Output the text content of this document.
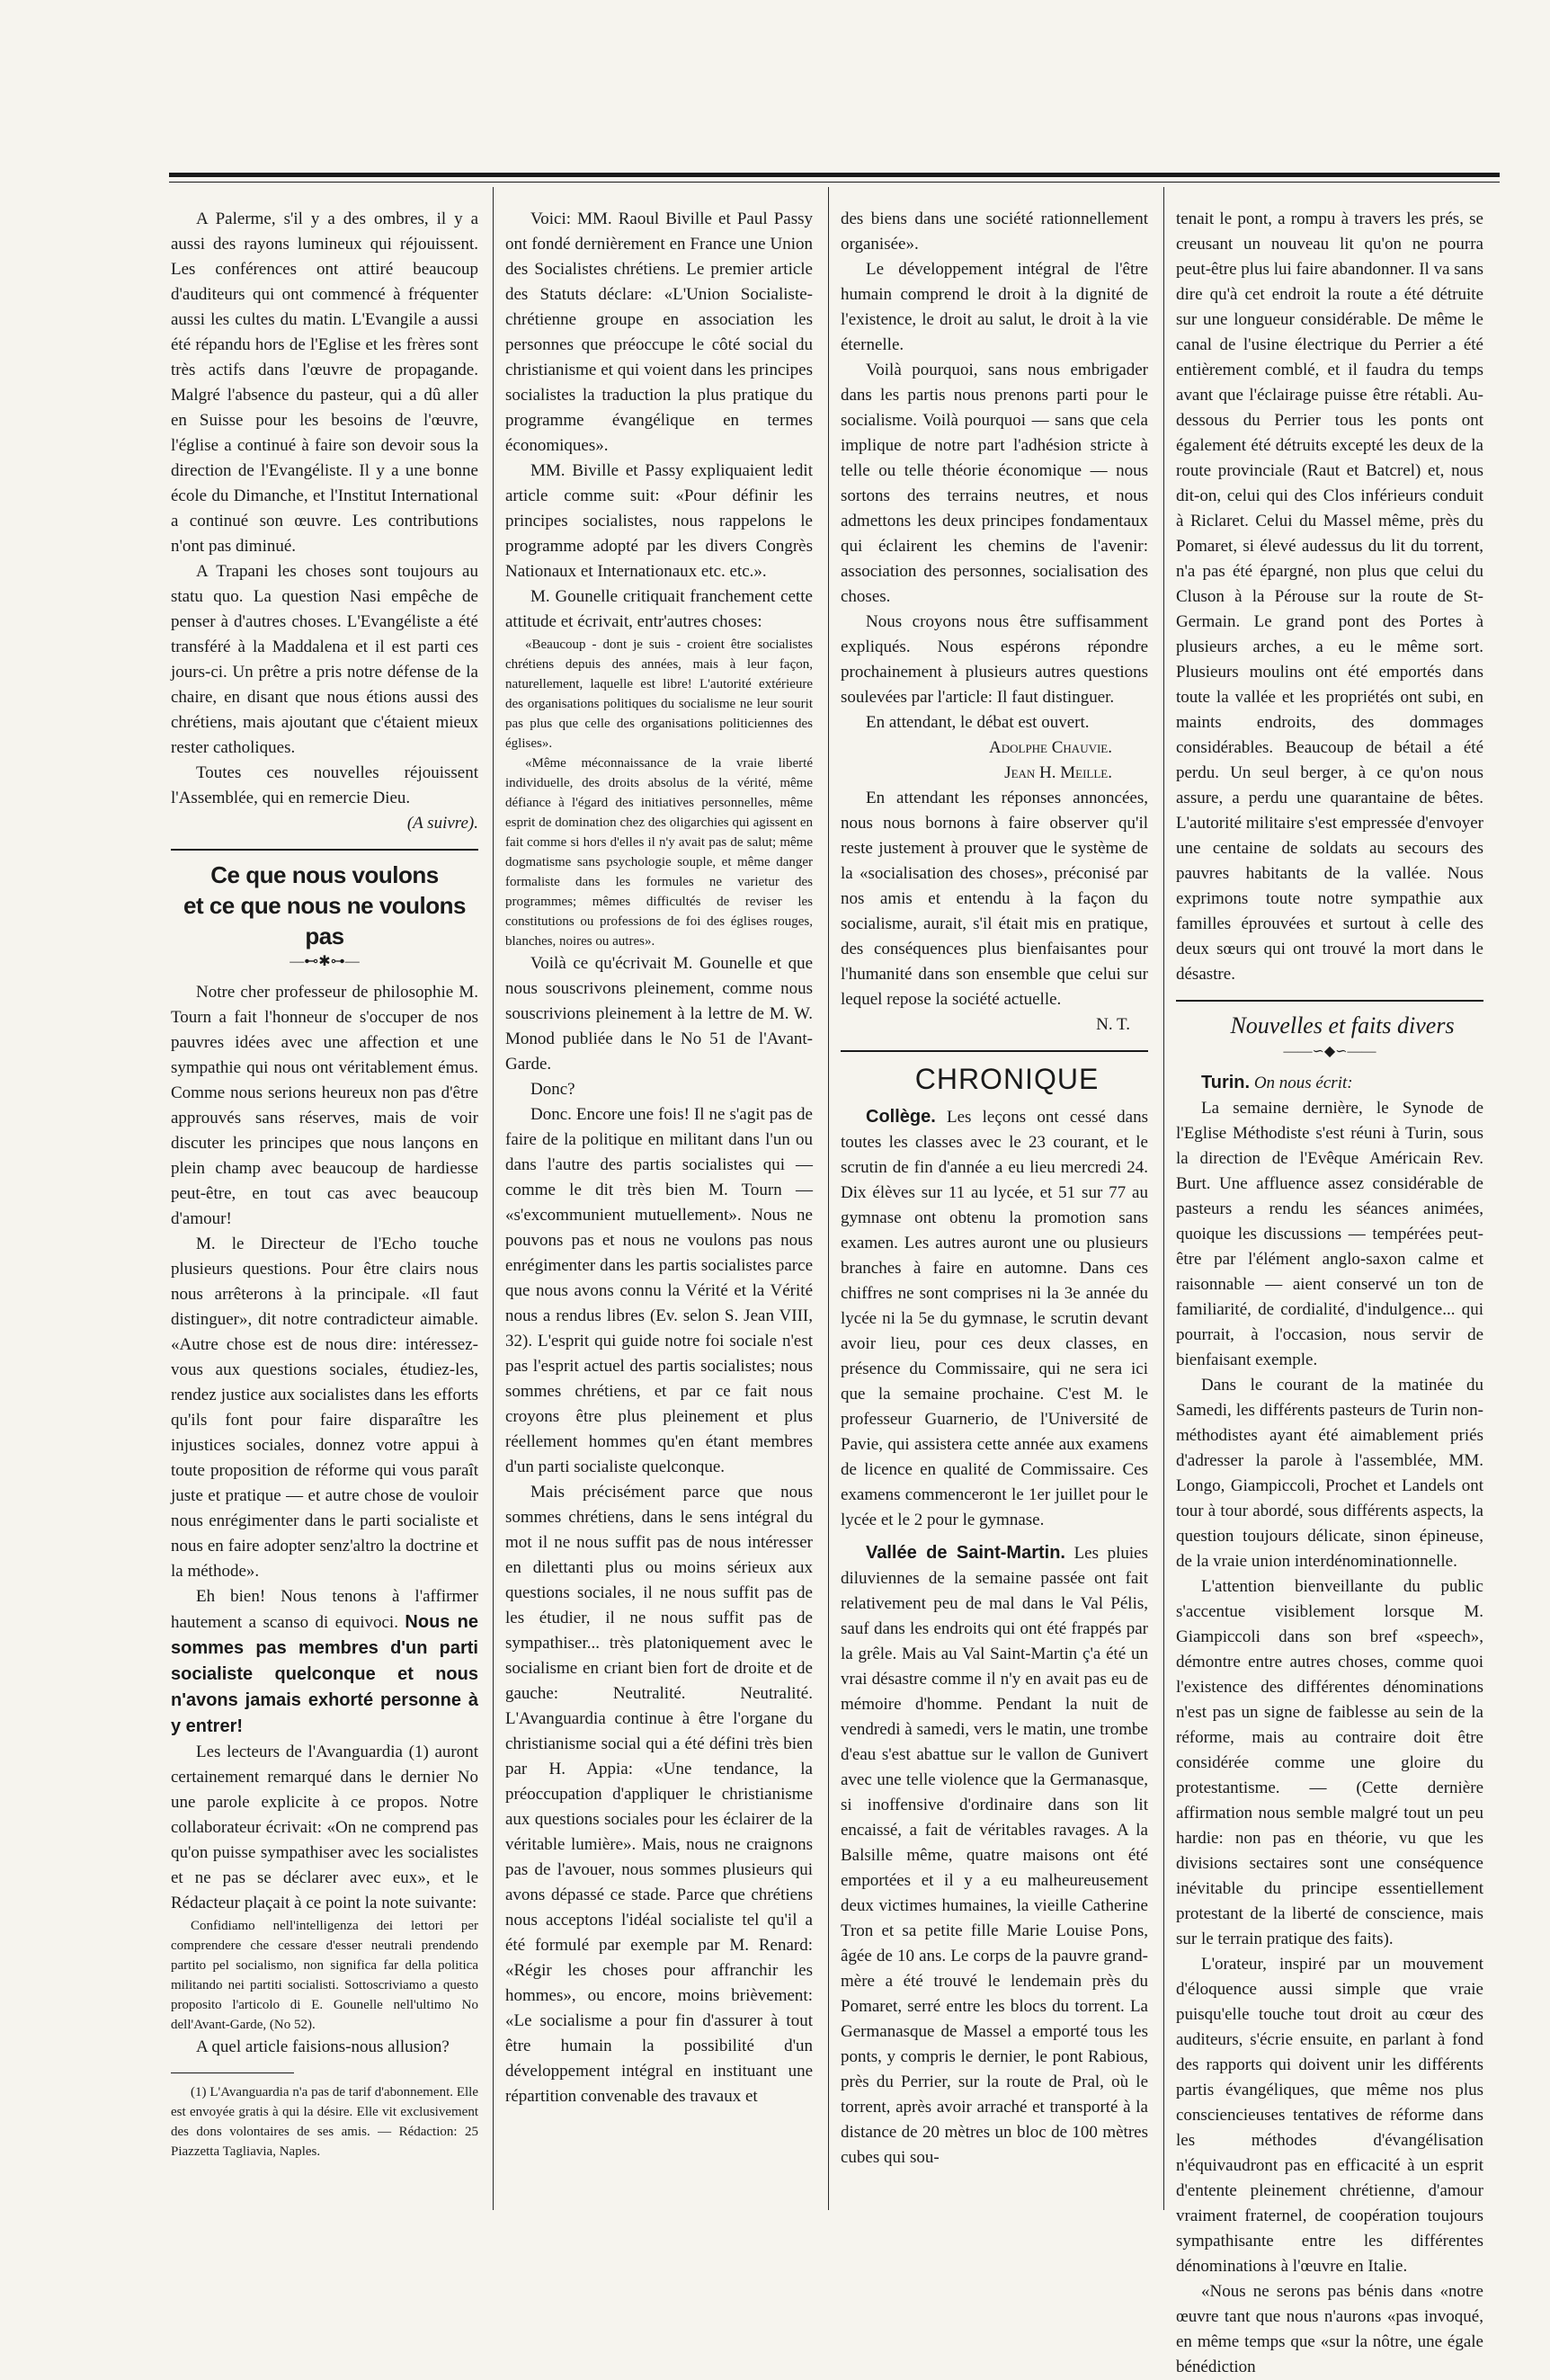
A Palerme, s'il y a des ombres, il y a aussi des rayons lumineux qui réjouissent. Les conférences ont attiré beaucoup d'auditeurs qui ont commencé à fréquenter aussi les cultes du matin. L'Evangile a aussi été répandu hors de l'Eglise et les frères sont très actifs dans l'œuvre de propagande. Malgré l'absence du pasteur, qui a dû aller en Suisse pour les besoins de l'œuvre, l'église a continué à faire son devoir sous la direction de l'Evangéliste. Il y a une bonne école du Dimanche, et l'Institut International a continué son œuvre. Les contributions n'ont pas diminué.

A Trapani les choses sont toujours au statu quo. La question Nasi empêche de penser à d'autres choses. L'Evangéliste a été transféré à la Maddalena et il est parti ces jours-ci. Un prêtre a pris notre défense de la chaire, en disant que nous étions aussi des chrétiens, mais ajoutant que c'étaient mieux rester catholiques.

Toutes ces nouvelles réjouissent l'Assemblée, qui en remercie Dieu.

(A suivre).

Ce que nous voulons

et ce que nous ne voulons pas

—⊷✱⊶—

Notre cher professeur de philosophie M. Tourn a fait l'honneur de s'occuper de nos pauvres idées avec une affection et une sympathie qui nous ont véritablement émus. Comme nous serions heureux non pas d'être approuvés sans réserves, mais de voir discuter les principes que nous lançons en plein champ avec beaucoup de hardiesse peut-être, en tout cas avec beaucoup d'amour!

M. le Directeur de l'Echo touche plusieurs questions. Pour être clairs nous nous arrêterons à la principale. «Il faut distinguer», dit notre contradicteur aimable. «Autre chose est de nous dire: intéressez-vous aux questions sociales, étudiez-les, rendez justice aux socialistes dans les efforts qu'ils font pour faire disparaître les injustices sociales, donnez votre appui à toute proposition de réforme qui vous paraît juste et pratique — et autre chose de vouloir nous enrégimenter dans le parti socialiste et nous en faire adopter senz'altro la doctrine et la méthode».

Eh bien! Nous tenons à l'affirmer hautement a scanso di equivoci. Nous ne sommes pas membres d'un parti socialiste quelconque et nous n'avons jamais exhorté personne à y entrer!

Les lecteurs de l'Avanguardia (1) auront certainement remarqué dans le dernier No une parole explicite à ce propos. Notre collaborateur écrivait: «On ne comprend pas qu'on puisse sympathiser avec les socialistes et ne pas se déclarer avec eux», et le Rédacteur plaçait à ce point la note suivante:

Confidiamo nell'intelligenza dei lettori per comprendere che cessare d'esser neutrali prendendo partito pel socialismo, non significa far della politica militando nei partiti socialisti. Sottoscriviamo a questo proposito l'articolo di E. Gounelle nell'ultimo No dell'Avant-Garde, (No 52).

A quel article faisions-nous allusion?

(1) L'Avanguardia n'a pas de tarif d'abonnement. Elle est envoyée gratis à qui la désire. Elle vit exclusivement des dons volontaires de ses amis. — Rédaction: 25 Piazzetta Tagliavia, Naples.

Voici: MM. Raoul Biville et Paul Passy ont fondé dernièrement en France une Union des Socialistes chrétiens. Le premier article des Statuts déclare: «L'Union Socialiste-chrétienne groupe en association les personnes que préoccupe le côté social du christianisme et qui voient dans les principes socialistes la traduction la plus pratique du programme évangélique en termes économiques».

MM. Biville et Passy expliquaient ledit article comme suit: «Pour définir les principes socialistes, nous rappelons le programme adopté par les divers Congrès Nationaux et Internationaux etc. etc.».

M. Gounelle critiquait franchement cette attitude et écrivait, entr'autres choses:

«Beaucoup - dont je suis - croient être socialistes chrétiens depuis des années, mais à leur façon, naturellement, laquelle est libre! L'autorité extérieure des organisations politiques du socialisme ne leur sourit pas plus que celle des organisations politiciennes des églises».

«Même méconnaissance de la vraie liberté individuelle, des droits absolus de la vérité, même défiance à l'égard des initiatives personnelles, même esprit de domination chez des oligarchies qui agissent en fait comme si hors d'elles il n'y avait pas de salut; même dogmatisme sans psychologie souple, et même danger formaliste dans les formules ne varietur des programmes; mêmes difficultés de reviser les constitutions ou professions de foi des églises rouges, blanches, noires ou autres».

Voilà ce qu'écrivait M. Gounelle et que nous souscrivons pleinement, comme nous souscrivions pleinement à la lettre de M. W. Monod publiée dans le No 51 de l'Avant-Garde.

Donc?

Donc. Encore une fois! Il ne s'agit pas de faire de la politique en militant dans l'un ou dans l'autre des partis socialistes qui — comme le dit très bien M. Tourn — «s'excommunient mutuellement». Nous ne pouvons pas et nous ne voulons pas nous enrégimenter dans les partis socialistes parce que nous avons connu la Vérité et la Vérité nous a rendus libres (Ev. selon S. Jean VIII, 32). L'esprit qui guide notre foi sociale n'est pas l'esprit actuel des partis socialistes; nous sommes chrétiens, et par ce fait nous croyons être plus pleinement et plus réellement hommes qu'en étant membres d'un parti socialiste quelconque.

Mais précisément parce que nous sommes chrétiens, dans le sens intégral du mot il ne nous suffit pas de nous intéresser en dilettanti plus ou moins sérieux aux questions sociales, il ne nous suffit pas de les étudier, il ne nous suffit pas de sympathiser... très platoniquement avec le socialisme en criant bien fort de droite et de gauche: Neutralité. Neutralité. L'Avanguardia continue à être l'organe du christianisme social qui a été défini très bien par H. Appia: «Une tendance, la préoccupation d'appliquer le christianisme aux questions sociales pour les éclairer de la véritable lumière». Mais, nous ne craignons pas de l'avouer, nous sommes plusieurs qui avons dépassé ce stade. Parce que chrétiens nous acceptons l'idéal socialiste tel qu'il a été formulé par exemple par M. Renard: «Régir les choses pour affranchir les hommes», ou encore, moins brièvement: «Le socialisme a pour fin d'assurer à tout être humain la possibilité d'un développement intégral en instituant une répartition convenable des travaux et

des biens dans une société rationnellement organisée».

Le développement intégral de l'être humain comprend le droit à la dignité de l'existence, le droit au salut, le droit à la vie éternelle.

Voilà pourquoi, sans nous embrigader dans les partis nous prenons parti pour le socialisme. Voilà pourquoi — sans que cela implique de notre part l'adhésion stricte à telle ou telle théorie économique — nous sortons des terrains neutres, et nous admettons les deux principes fondamentaux qui éclairent les chemins de l'avenir: association des personnes, socialisation des choses.

Nous croyons nous être suffisamment expliqués. Nous espérons répondre prochainement à plusieurs autres questions soulevées par l'article: Il faut distinguer.

En attendant, le débat est ouvert.

Adolphe Chauvie.

Jean H. Meille.

En attendant les réponses annoncées, nous nous bornons à faire observer qu'il reste justement à prouver que le système de la «socialisation des choses», préconisé par nos amis et entendu à la façon du socialisme, aurait, s'il était mis en pratique, des conséquences plus bienfaisantes pour l'humanité dans son ensemble que celui sur lequel repose la société actuelle.

N. T.

CHRONIQUE

Collège. Les leçons ont cessé dans toutes les classes avec le 23 courant, et le scrutin de fin d'année a eu lieu mercredi 24. Dix élèves sur 11 au lycée, et 51 sur 77 au gymnase ont obtenu la promotion sans examen. Les autres auront une ou plusieurs branches à faire en automne. Dans ces chiffres ne sont comprises ni la 3e année du lycée ni la 5e du gymnase, le scrutin devant avoir lieu, pour ces deux classes, en présence du Commissaire, qui ne sera ici que la semaine prochaine. C'est M. le professeur Guarnerio, de l'Université de Pavie, qui assistera cette année aux examens de licence en qualité de Commissaire. Ces examens commenceront le 1er juillet pour le lycée et le 2 pour le gymnase.

Vallée de Saint-Martin. Les pluies diluviennes de la semaine passée ont fait relativement peu de mal dans le Val Pélis, sauf dans les endroits qui ont été frappés par la grêle. Mais au Val Saint-Martin ç'a été un vrai désastre comme il n'y en avait pas eu de mémoire d'homme. Pendant la nuit de vendredi à samedi, vers le matin, une trombe d'eau s'est abattue sur le vallon de Gunivert avec une telle violence que la Germanasque, si inoffensive d'ordinaire dans son lit encaissé, a fait de véritables ravages. A la Balsille même, quatre maisons ont été emportées et il y a eu malheureusement deux victimes humaines, la vieille Catherine Tron et sa petite fille Marie Louise Pons, âgée de 10 ans. Le corps de la pauvre grand-mère a été trouvé le lendemain près du Pomaret, serré entre les blocs du torrent. La Germanasque de Massel a emporté tous les ponts, y compris le dernier, le pont Rabious, près du Perrier, sur la route de Pral, où le torrent, après avoir arraché et transporté à la distance de 20 mètres un bloc de 100 mètres cubes qui sou-

tenait le pont, a rompu à travers les prés, se creusant un nouveau lit qu'on ne pourra peut-être plus lui faire abandonner. Il va sans dire qu'à cet endroit la route a été détruite sur une longueur considérable. De même le canal de l'usine électrique du Perrier a été entièrement comblé, et il faudra du temps avant que l'éclairage puisse être rétabli. Au-dessous du Perrier tous les ponts ont également été détruits excepté les deux de la route provinciale (Raut et Batcrel) et, nous dit-on, celui qui des Clos inférieurs conduit à Riclaret. Celui du Massel même, près du Pomaret, si élevé audessus du lit du torrent, n'a pas été épargné, non plus que celui du Cluson à la Pérouse sur la route de St-Germain. Le grand pont des Portes à plusieurs arches, a eu le même sort. Plusieurs moulins ont été emportés dans toute la vallée et les propriétés ont subi, en maints endroits, des dommages considérables. Beaucoup de bétail a été perdu. Un seul berger, à ce qu'on nous assure, a perdu une quarantaine de bêtes. L'autorité militaire s'est empressée d'envoyer une centaine de soldats au secours des pauvres habitants de la vallée. Nous exprimons toute notre sympathie aux familles éprouvées et surtout à celle des deux sœurs qui ont trouvé la mort dans le désastre.

Nouvelles et faits divers

——∽◆∽——

Turin. On nous écrit:

La semaine dernière, le Synode de l'Eglise Méthodiste s'est réuni à Turin, sous la direction de l'Evêque Américain Rev. Burt. Une affluence assez considérable de pasteurs a rendu les séances animées, quoique les discussions — tempérées peut-être par l'élément anglo-saxon calme et raisonnable — aient conservé un ton de familiarité, de cordialité, d'indulgence... qui pourrait, à l'occasion, nous servir de bienfaisant exemple.

Dans le courant de la matinée du Samedi, les différents pasteurs de Turin non-méthodistes ayant été aimablement priés d'adresser la parole à l'assemblée, MM. Longo, Giampiccoli, Prochet et Landels ont tour à tour abordé, sous différents aspects, la question toujours délicate, sinon épineuse, de la vraie union interdénominationnelle.

L'attention bienveillante du public s'accentue visiblement lorsque M. Giampiccoli dans son bref «speech», démontre entre autres choses, comme quoi l'existence des différentes dénominations n'est pas un signe de faiblesse au sein de la réforme, mais au contraire doit être considérée comme une gloire du protestantisme. — (Cette dernière affirmation nous semble malgré tout un peu hardie: non pas en théorie, vu que les divisions sectaires sont une conséquence inévitable du principe essentiellement protestant de la liberté de conscience, mais sur le terrain pratique des faits).

L'orateur, inspiré par un mouvement d'éloquence aussi simple que vraie puisqu'elle touche tout droit au cœur des auditeurs, s'écrie ensuite, en parlant à fond des rapports qui doivent unir les différents partis évangéliques, que même nos plus consciencieuses tentatives de réforme dans les méthodes d'évangélisation n'équivaudront pas en efficacité à un esprit d'entente pleinement chrétienne, d'amour vraiment fraternel, de coopération toujours sympathisante entre les différentes dénominations à l'œuvre en Italie.

«Nous ne serons pas bénis dans «notre œuvre tant que nous n'aurons «pas invoqué, en même temps que «sur la nôtre, une égale bénédiction
